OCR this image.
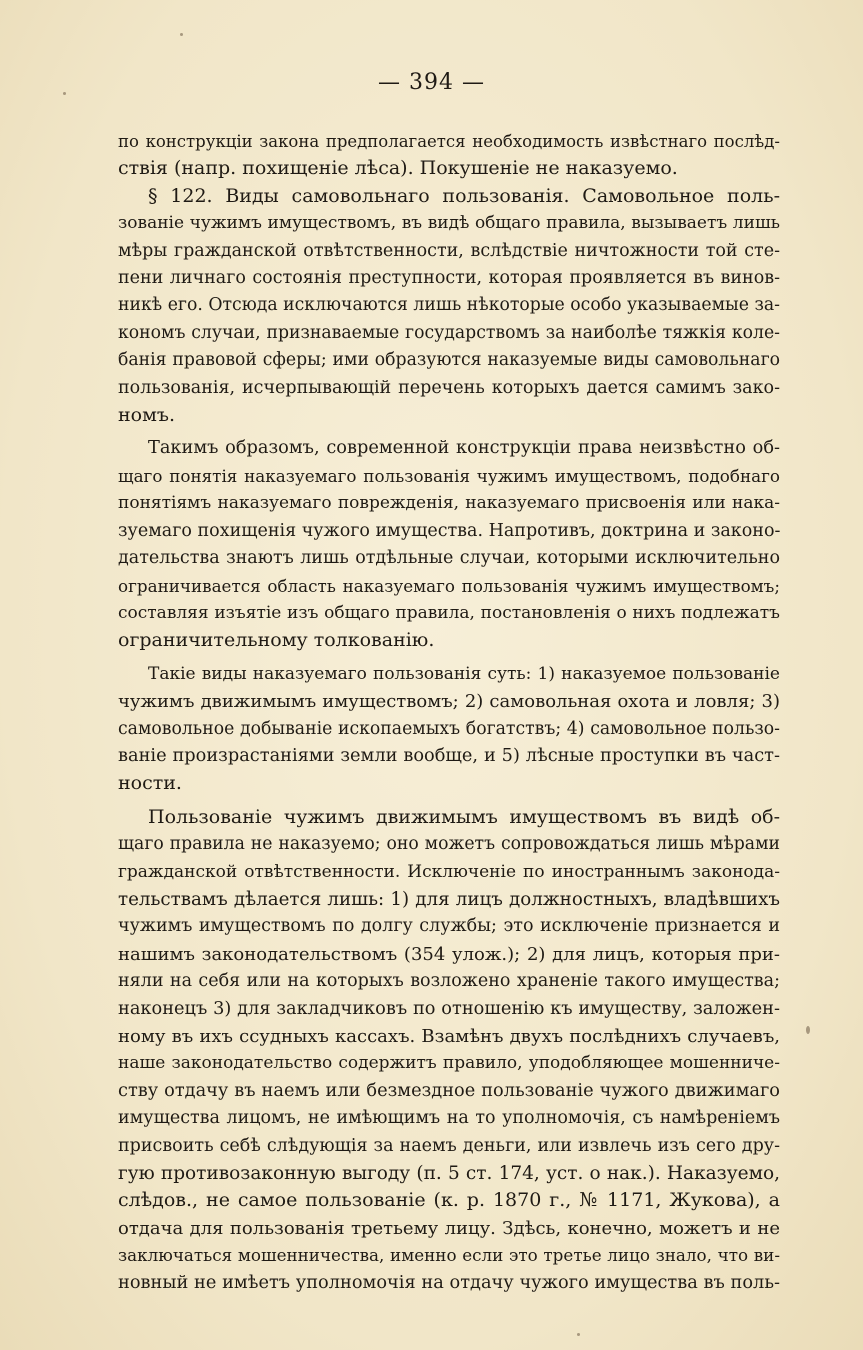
— 394 —
по конструкціи закона предполагается необходимость извѣстнаго послѣд-
ствія (напр. похищеніе лѣса). Покушеніе не наказуемо.
§ 122. Виды самовольнаго пользованія. Самовольное поль-
зованіе чужимъ имуществомъ, въ видѣ общаго правила, вызываетъ лишь
мѣры гражданской отвѣтственности, вслѣдствіе ничтожности той сте-
пени личнаго состоянія преступности, которая проявляется въ винов-
никѣ его. Отсюда исключаются лишь нѣкоторые особо указываемые за-
кономъ случаи, признаваемые государствомъ за наиболѣе тяжкія коле-
банія правовой сферы; ими образуются наказуемые виды самовольнаго
пользованія, исчерпывающій перечень которыхъ дается самимъ зако-
номъ.
Такимъ образомъ, современной конструкціи права неизвѣстно об-
щаго понятія наказуемаго пользованія чужимъ имуществомъ, подобнаго
понятіямъ наказуемаго поврежденія, наказуемаго присвоенія или нака-
зуемаго похищенія чужого имущества. Напротивъ, доктрина и законо-
дательства знаютъ лишь отдѣльные случаи, которыми исключительно
ограничивается область наказуемаго пользованія чужимъ имуществомъ;
составляя изъятіе изъ общаго правила, постановленія о нихъ подлежатъ
ограничительному толкованію.
Такіе виды наказуемаго пользованія суть: 1) наказуемое пользованіе
чужимъ движимымъ имуществомъ; 2) самовольная охота и ловля; 3)
самовольное добываніе ископаемыхъ богатствъ; 4) самовольное пользо-
ваніе произрастаніями земли вообще, и 5) лѣсные проступки въ част-
ности.
Пользованіе чужимъ движимымъ имуществомъ въ видѣ об-
щаго правила не наказуемо; оно можетъ сопровождаться лишь мѣрами
гражданской отвѣтственности. Исключеніе по иностраннымъ законода-
тельствамъ дѣлается лишь: 1) для лицъ должностныхъ, владѣвшихъ
чужимъ имуществомъ по долгу службы; это исключеніе признается и
нашимъ законодательствомъ (354 улож.); 2) для лицъ, которыя при-
няли на себя или на которыхъ возложено храненіе такого имущества;
наконецъ 3) для закладчиковъ по отношенію къ имуществу, заложен-
ному въ ихъ ссудныхъ кассахъ. Взамѣнъ двухъ послѣднихъ случаевъ,
наше законодательство содержитъ правило, уподобляющее мошенниче-
ству отдачу въ наемъ или безмездное пользованіе чужого движимаго
имущества лицомъ, не имѣющимъ на то уполномочія, съ намѣреніемъ
присвоить себѣ слѣдующія за наемъ деньги, или извлечь изъ сего дру-
гую противозаконную выгоду (п. 5 ст. 174, уст. о нак.). Наказуемо,
слѣдов., не самое пользованіе (к. р. 1870 г., № 1171, Жукова), а
отдача для пользованія третьему лицу. Здѣсь, конечно, можетъ и не
заключаться мошенничества, именно если это третье лицо знало, что ви-
новный не имѣетъ уполномочія на отдачу чужого имущества въ поль-
